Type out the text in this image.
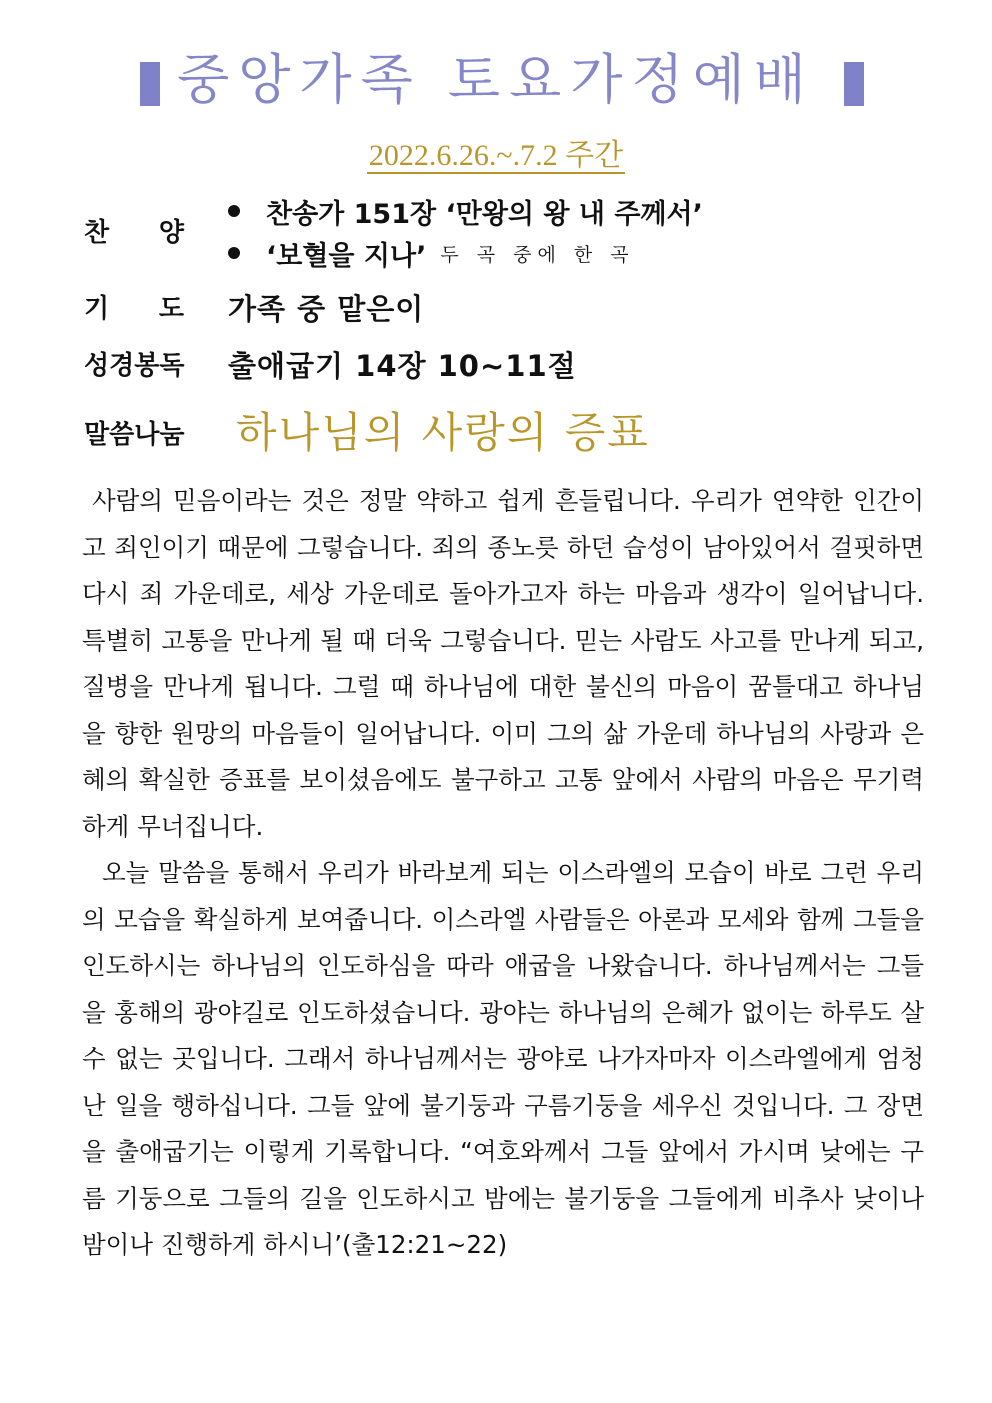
중앙가족 토요가정예배
2022.6.26.~.7.2 주간
찬 양
찬송가 151장 ‘만왕의 왕 내 주께서’
‘보혈을 지나’ 두 곡 중에 한 곡
기 도 가족 중 맡은이
성경봉독 출애굽기 14장 10~11절
말씀나눔 하나님의 사랑의 증표

사람의 믿음이라는 것은 정말 약하고 쉽게 흔들립니다. 우리가 연약한 인간이고 죄인이기 때문에 그렇습니다. 죄의 종노릇 하던 습성이 남아있어서 걸핏하면 다시 죄 가운데로, 세상 가운데로 돌아가고자 하는 마음과 생각이 일어납니다. 특별히 고통을 만나게 될 때 더욱 그렇습니다. 믿는 사람도 사고를 만나게 되고, 질병을 만나게 됩니다. 그럴 때 하나님에 대한 불신의 마음이 꿈틀대고 하나님을 향한 원망의 마음들이 일어납니다. 이미 그의 삶 가운데 하나님의 사랑과 은혜의 확실한 증표를 보이셨음에도 불구하고 고통 앞에서 사람의 마음은 무기력하게 무너집니다.

오늘 말씀을 통해서 우리가 바라보게 되는 이스라엘의 모습이 바로 그런 우리의 모습을 확실하게 보여줍니다. 이스라엘 사람들은 아론과 모세와 함께 그들을 인도하시는 하나님의 인도하심을 따라 애굽을 나왔습니다. 하나님께서는 그들을 홍해의 광야길로 인도하셨습니다. 광야는 하나님의 은혜가 없이는 하루도 살 수 없는 곳입니다. 그래서 하나님께서는 광야로 나가자마자 이스라엘에게 엄청난 일을 행하십니다. 그들 앞에 불기둥과 구름기둥을 세우신 것입니다. 그 장면을 출애굽기는 이렇게 기록합니다. “여호와께서 그들 앞에서 가시며 낮에는 구름 기둥으로 그들의 길을 인도하시고 밤에는 불기둥을 그들에게 비추사 낮이나 밤이나 진행하게 하시니’(출12:21~22)
